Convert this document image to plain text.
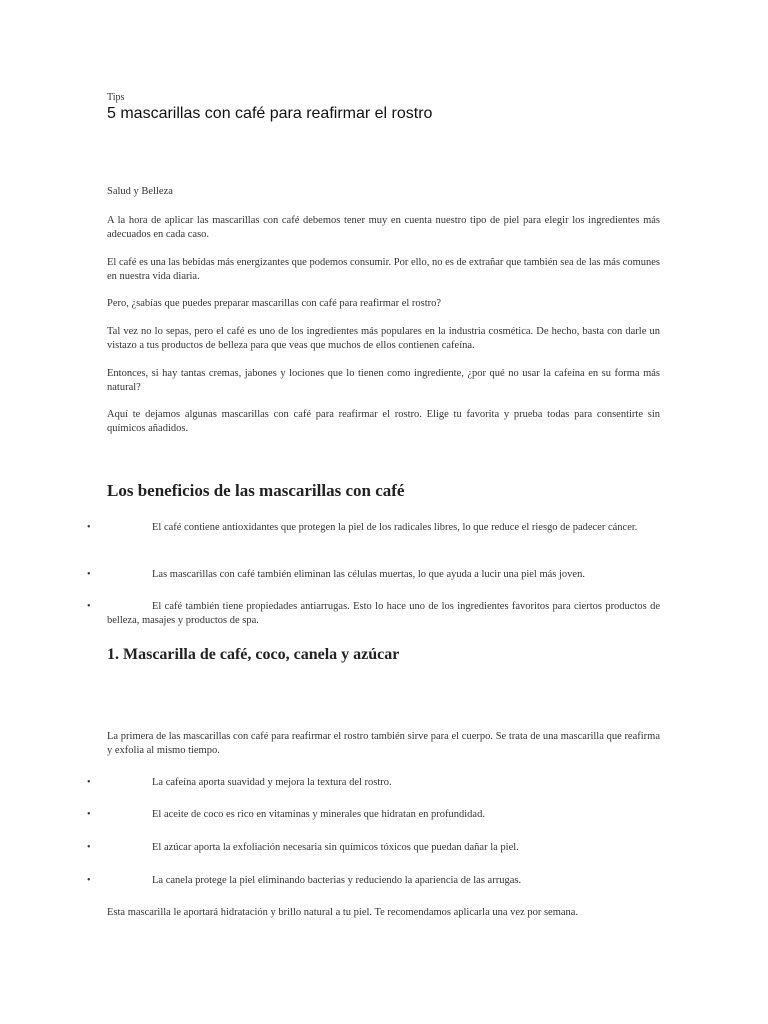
Tips
5 mascarillas con café para reafirmar el rostro
Salud y Belleza
A la hora de aplicar las mascarillas con café debemos tener muy en cuenta nuestro tipo de piel para elegir los ingredientes más adecuados en cada caso.
El café es una las bebidas más energizantes que podemos consumir. Por ello, no es de extrañar que también sea de las más comunes en nuestra vida diaria.
Pero, ¿sabías que puedes preparar mascarillas con café para reafirmar el rostro?
Tal vez no lo sepas, pero el café es uno de los ingredientes más populares en la industria cosmética. De hecho, basta con darle un vistazo a tus productos de belleza para que veas que muchos de ellos contienen cafeína.
Entonces, si hay tantas cremas, jabones y lociones que lo tienen como ingrediente, ¿por qué no usar la cafeína en su forma más natural?
Aquí te dejamos algunas mascarillas con café para reafirmar el rostro. Elige tu favorita y prueba todas para consentirte sin químicos añadidos.
Los beneficios de las mascarillas con café
•	El café contiene antioxidantes que protegen la piel de los radicales libres, lo que reduce el riesgo de padecer cáncer.
•	Las mascarillas con café también eliminan las células muertas, lo que ayuda a lucir una piel más joven.
•	El café también tiene propiedades antiarrugas. Esto lo hace uno de los ingredientes favoritos para ciertos productos de belleza, masajes y productos de spa.
1. Mascarilla de café, coco, canela y azúcar
La primera de las mascarillas con café para reafirmar el rostro también sirve para el cuerpo. Se trata de una mascarilla que reafirma y exfolia al mismo tiempo.
•	La cafeína aporta suavidad y mejora la textura del rostro.
•	El aceite de coco es rico en vitaminas y minerales que hidratan en profundidad.
•	El azúcar aporta la exfoliación necesaria sin químicos tóxicos que puedan dañar la piel.
•	La canela protege la piel eliminando bacterias y reduciendo la apariencia de las arrugas.
Esta mascarilla le aportará hidratación y brillo natural a tu piel. Te recomendamos aplicarla una vez por semana.
